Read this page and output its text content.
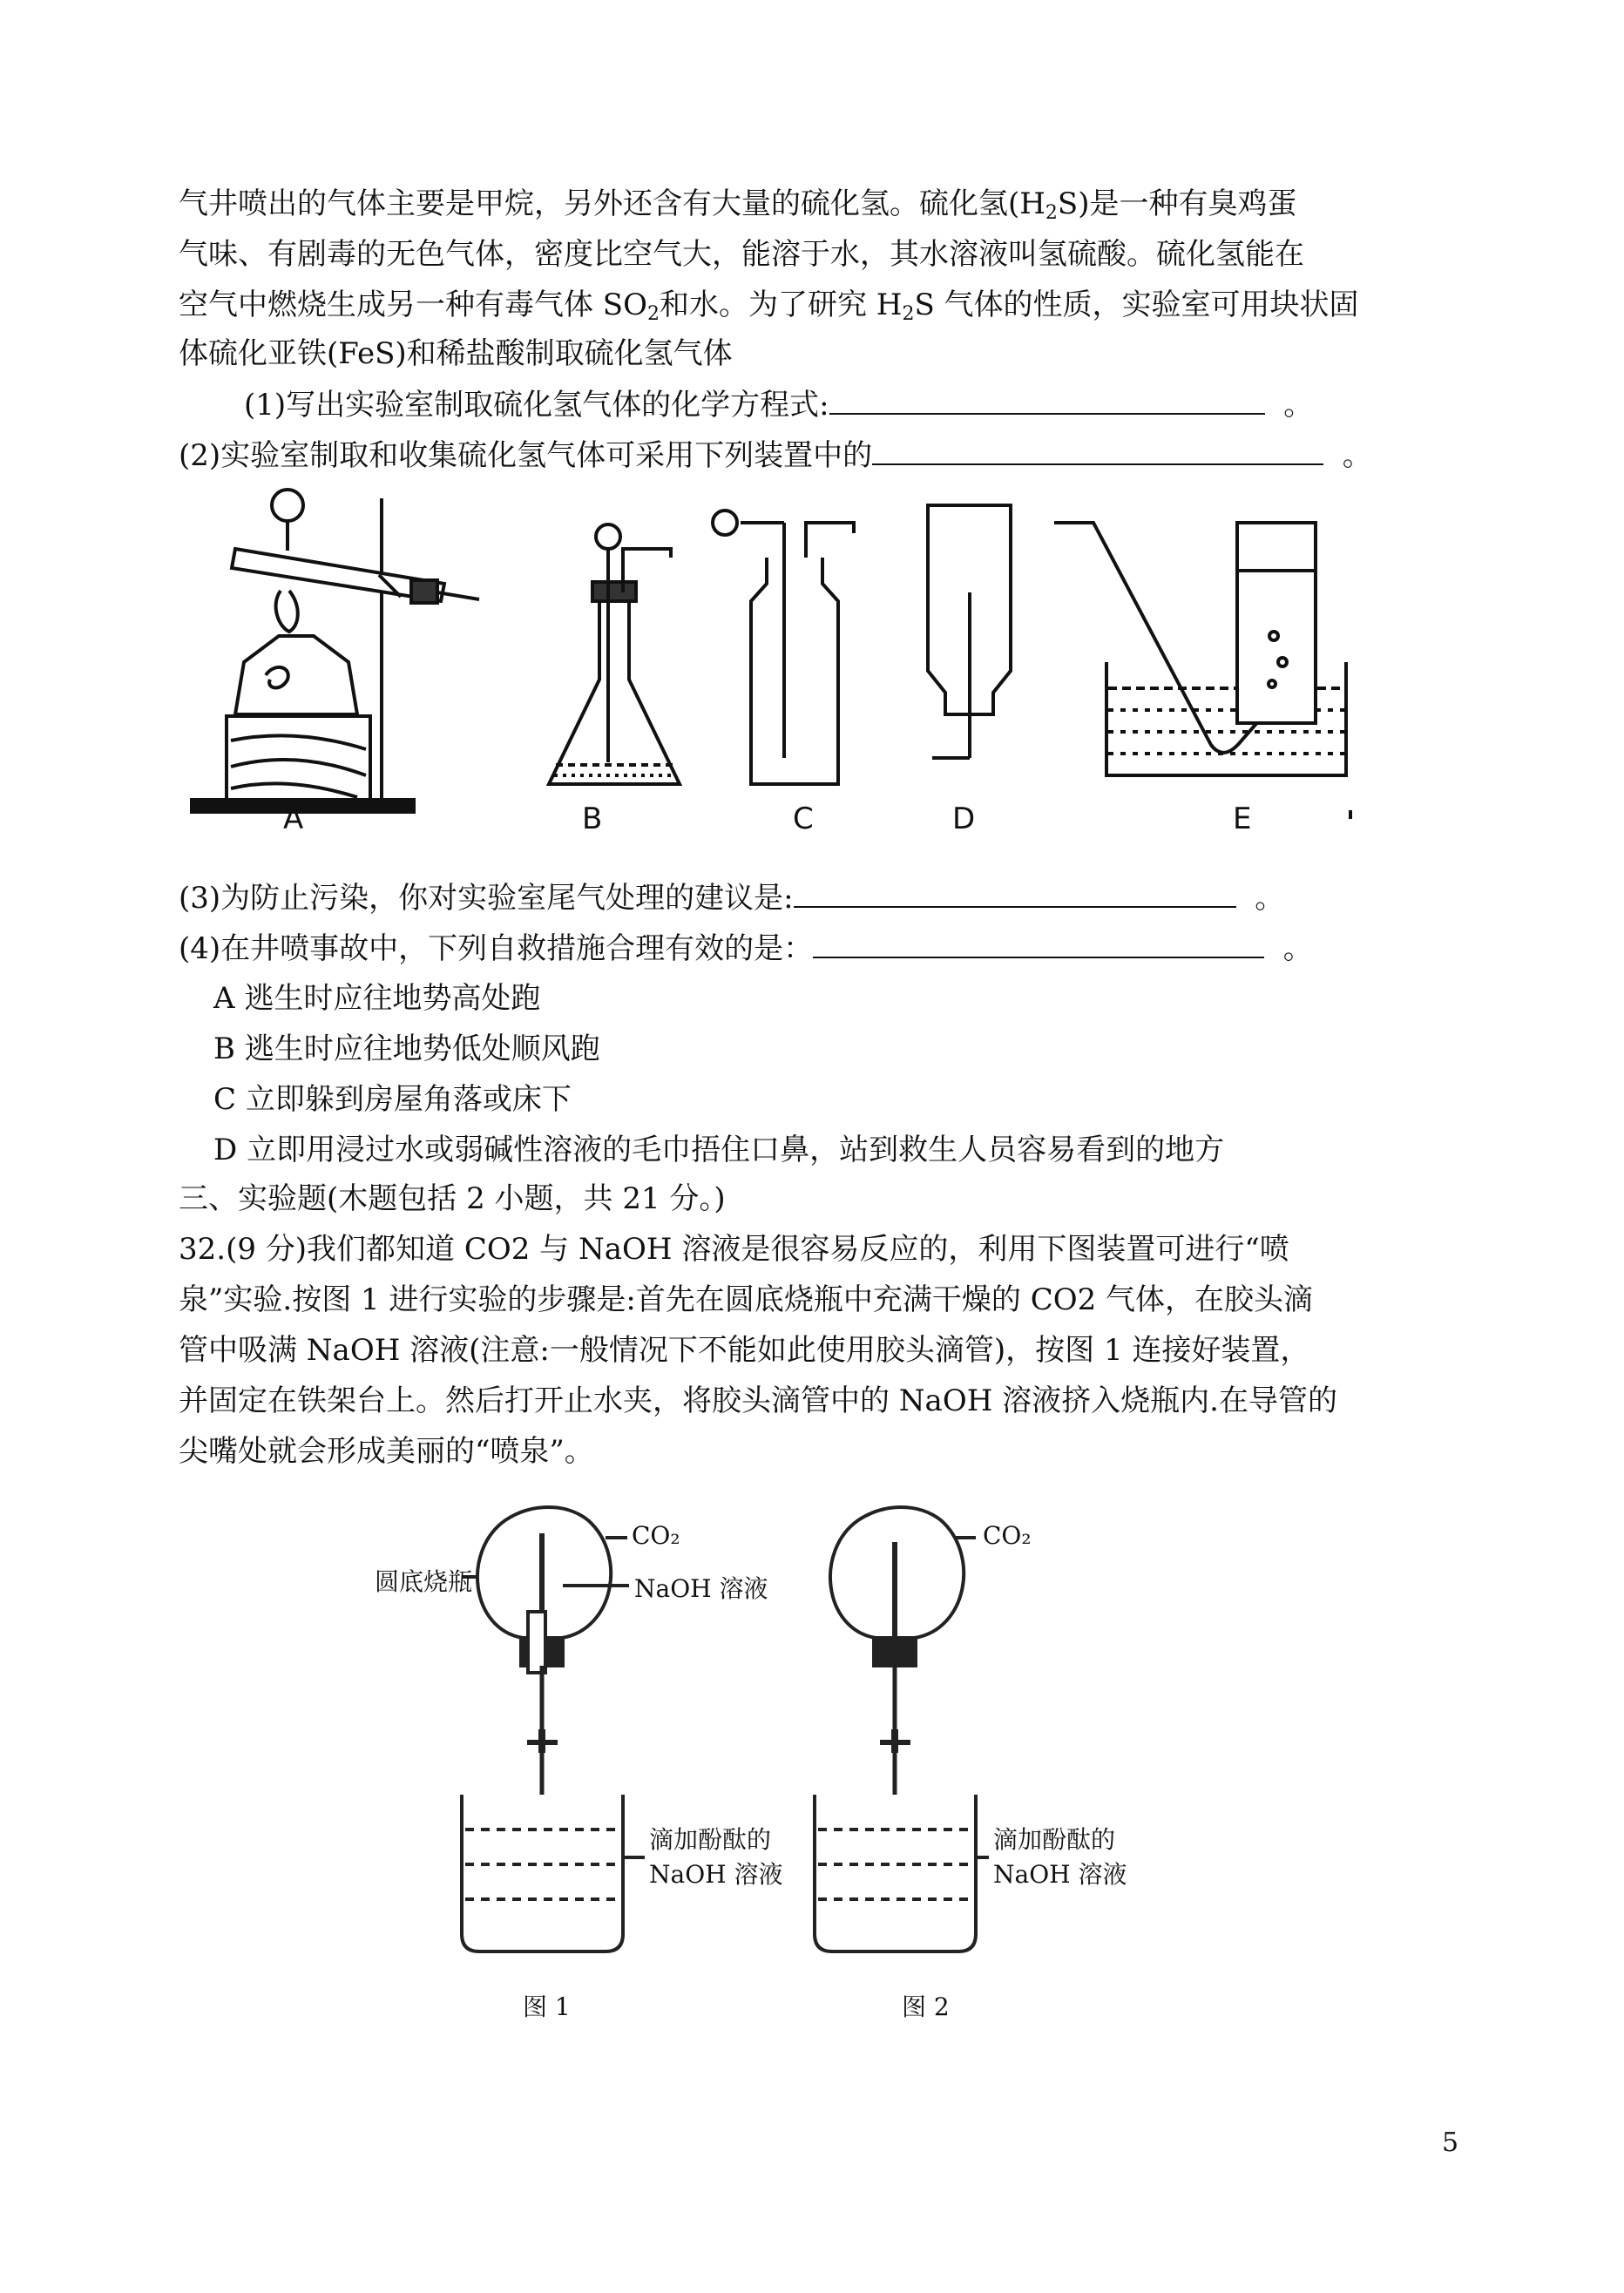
气井喷出的气体主要是甲烷，另外还含有大量的硫化氢。硫化氢$(H_2S)$是一种有臭鸡蛋
气味、有剧毒的无色气体，密度比空气大，能溶于水，其水溶液叫氢硫酸。硫化氢能在
空气中燃烧生成另一种有毒气体 $SO_2$和水。为了研究 $H_2S$ 气体的性质，实验室可用块状固
体硫化亚铁(FeS)和稀盐酸制取硫化氢气体
(1)写出实验室制取硫化氢气体的化学方程式:	。
(2)实验室制取和收集硫化氢气体可采用下列装置中的	。
A	B	C	D	E
(3)为防止污染，你对实验室尾气处理的建议是:	。
(4)在井喷事故中，下列自救措施合理有效的是：	。
A 逃生时应往地势高处跑
B 逃生时应往地势低处顺风跑
C 立即躲到房屋角落或床下
D 立即用浸过水或弱碱性溶液的毛巾捂住口鼻，站到救生人员容易看到的地方
三、实验题(木题包括 2 小题，共 21 分。)
32.(9 分)我们都知道 CO2 与 NaOH 溶液是很容易反应的，利用下图装置可进行“喷
泉”实验.按图 1 进行实验的步骤是:首先在圆底烧瓶中充满干燥的 CO2 气体，在胶头滴
管中吸满 NaOH 溶液(注意:一般情况下不能如此使用胶头滴管)，按图 1 连接好装置，
并固定在铁架台上。然后打开止水夹，将胶头滴管中的 NaOH 溶液挤入烧瓶内.在导管的
尖嘴处就会形成美丽的“喷泉”。
CO₂
圆底烧瓶	NaOH 溶液
滴加酚酞的
NaOH 溶液
CO₂
滴加酚酞的
NaOH 溶液
图 1	图 2
5
